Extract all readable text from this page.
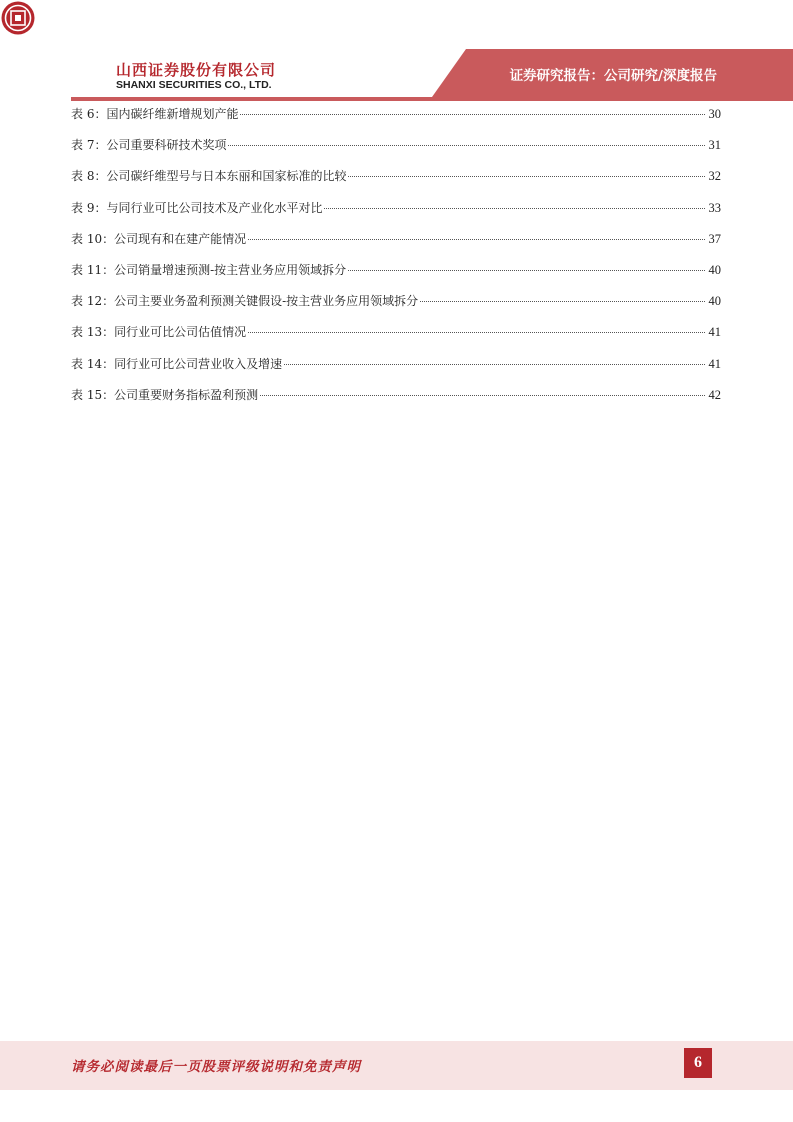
山西证券股份有限公司
SHANXI SECURITIES CO., LTD.
证券研究报告：公司研究/深度报告
表 6：国内碳纤维新增规划产能	30
表 7：公司重要科研技术奖项	31
表 8：公司碳纤维型号与日本东丽和国家标准的比较	32
表 9：与同行业可比公司技术及产业化水平对比	33
表 10：公司现有和在建产能情况	37
表 11：公司销量增速预测-按主营业务应用领域拆分	40
表 12：公司主要业务盈利预测关键假设-按主营业务应用领域拆分	40
表 13：同行业可比公司估值情况	41
表 14：同行业可比公司营业收入及增速	41
表 15：公司重要财务指标盈利预测	42
请务必阅读最后一页股票评级说明和免责声明	6
